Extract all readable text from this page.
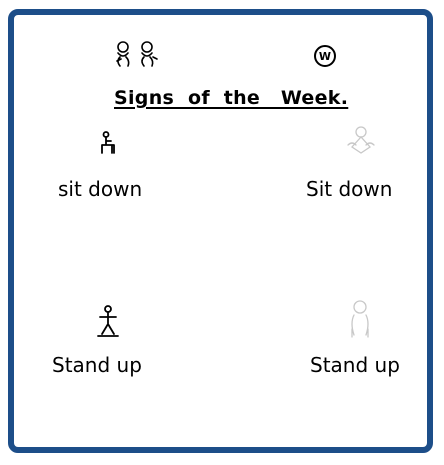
W
Signs  of  the   Week.
sit down	Sit down
Stand up	Stand up
